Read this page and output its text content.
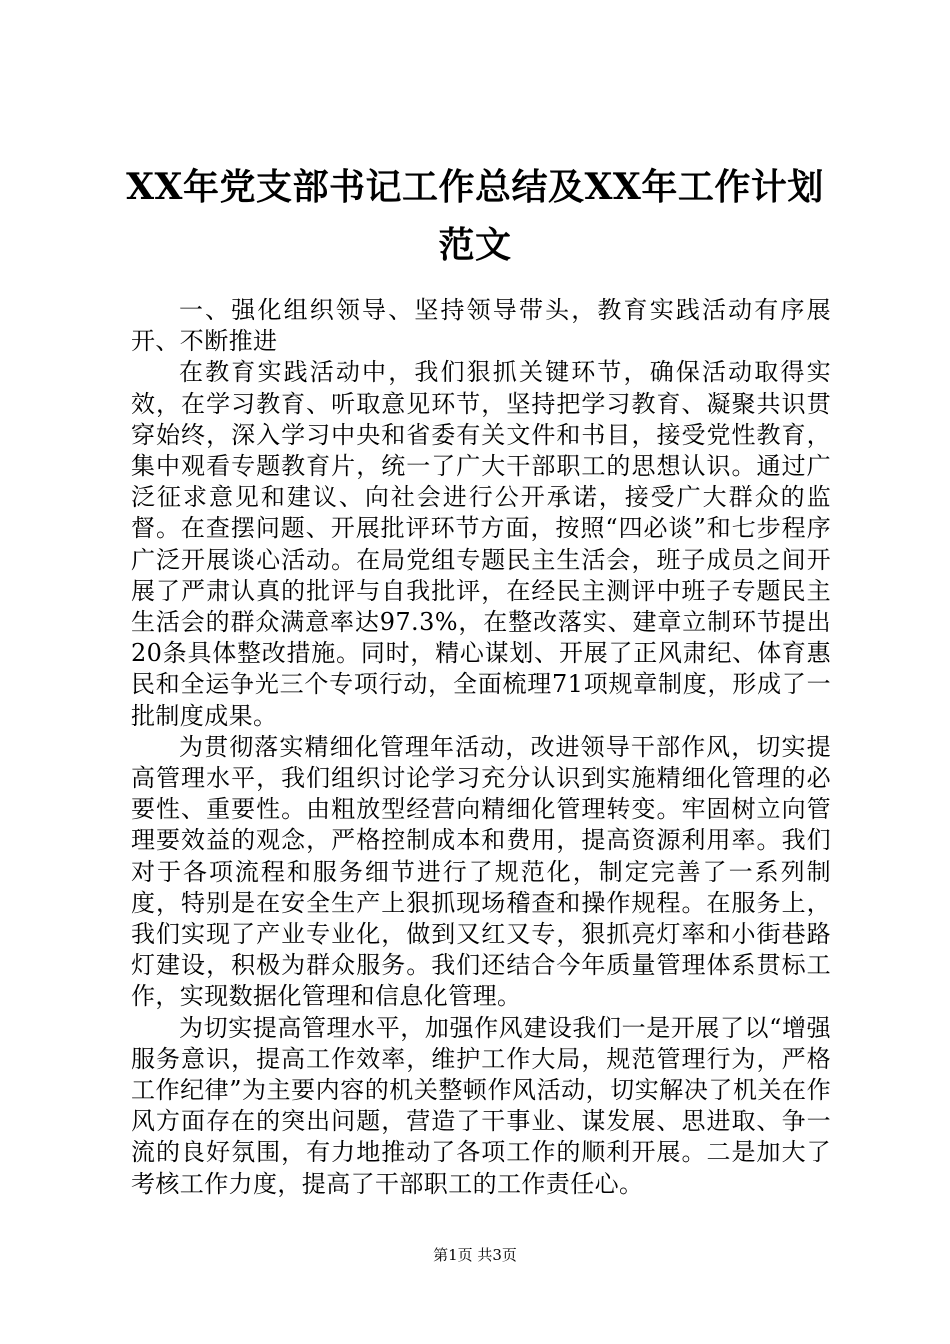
XX年党支部书记工作总结及XX年工作计划范文

一、强化组织领导、坚持领导带头，教育实践活动有序展开、不断推进

在教育实践活动中，我们狠抓关键环节，确保活动取得实效，在学习教育、听取意见环节，坚持把学习教育、凝聚共识贯穿始终，深入学习中央和省委有关文件和书目，接受党性教育，集中观看专题教育片，统一了广大干部职工的思想认识。通过广泛征求意见和建议、向社会进行公开承诺，接受广大群众的监督。在查摆问题、开展批评环节方面，按照“四必谈”和七步程序广泛开展谈心活动。在局党组专题民主生活会，班子成员之间开展了严肃认真的批评与自我批评，在经民主测评中班子专题民主生活会的群众满意率达97.3%，在整改落实、建章立制环节提出20条具体整改措施。同时，精心谋划、开展了正风肃纪、体育惠民和全运争光三个专项行动，全面梳理71项规章制度，形成了一批制度成果。

为贯彻落实精细化管理年活动，改进领导干部作风，切实提高管理水平，我们组织讨论学习充分认识到实施精细化管理的必要性、重要性。由粗放型经营向精细化管理转变。牢固树立向管理要效益的观念，严格控制成本和费用，提高资源利用率。我们对于各项流程和服务细节进行了规范化，制定完善了一系列制度，特别是在安全生产上狠抓现场稽查和操作规程。在服务上，我们实现了产业专业化，做到又红又专，狠抓亮灯率和小街巷路灯建设，积极为群众服务。我们还结合今年质量管理体系贯标工作，实现数据化管理和信息化管理。

为切实提高管理水平，加强作风建设我们一是开展了以“增强服务意识，提高工作效率，维护工作大局，规范管理行为，严格工作纪律”为主要内容的机关整顿作风活动，切实解决了机关在作风方面存在的突出问题，营造了干事业、谋发展、思进取、争一流的良好氛围，有力地推动了各项工作的顺利开展。二是加大了考核工作力度，提高了干部职工的工作责任心。

第1页 共3页
